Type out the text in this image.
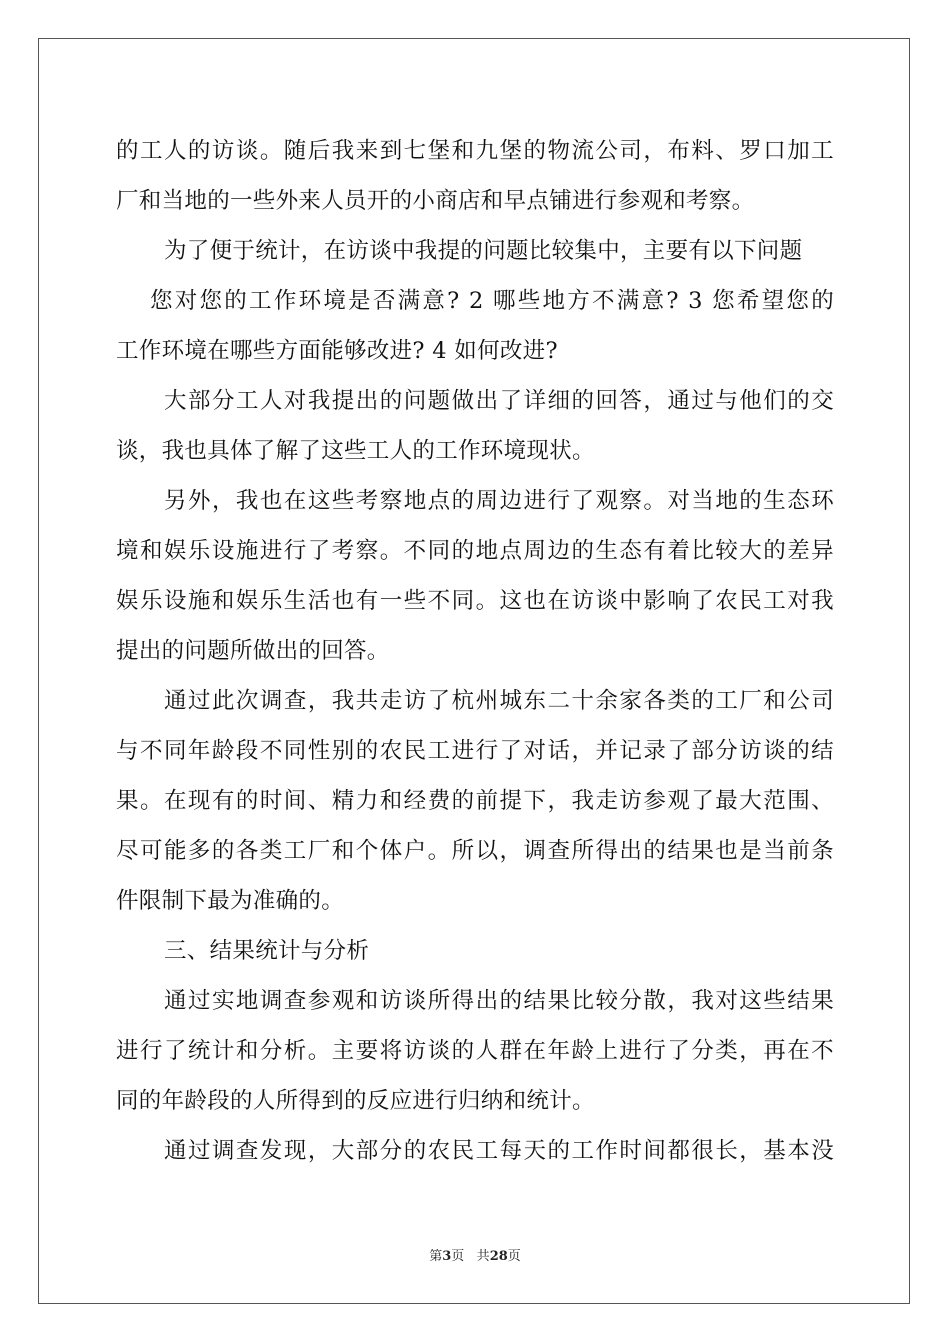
的工人的访谈。随后我来到七堡和九堡的物流公司，布料、罗口加工
厂和当地的一些外来人员开的小商店和早点铺进行参观和考察。
为了便于统计，在访谈中我提的问题比较集中，主要有以下问题
您对您的工作环境是否满意? 2 哪些地方不满意? 3 您希望您的
工作环境在哪些方面能够改进? 4 如何改进?
大部分工人对我提出的问题做出了详细的回答，通过与他们的交
谈，我也具体了解了这些工人的工作环境现状。
另外，我也在这些考察地点的周边进行了观察。对当地的生态环
境和娱乐设施进行了考察。不同的地点周边的生态有着比较大的差异
娱乐设施和娱乐生活也有一些不同。这也在访谈中影响了农民工对我
提出的问题所做出的回答。
通过此次调查，我共走访了杭州城东二十余家各类的工厂和公司
与不同年龄段不同性别的农民工进行了对话，并记录了部分访谈的结
果。在现有的时间、精力和经费的前提下，我走访参观了最大范围、
尽可能多的各类工厂和个体户。所以，调查所得出的结果也是当前条
件限制下最为准确的。
三、结果统计与分析
通过实地调查参观和访谈所得出的结果比较分散，我对这些结果
进行了统计和分析。主要将访谈的人群在年龄上进行了分类，再在不
同的年龄段的人所得到的反应进行归纳和统计。
通过调查发现，大部分的农民工每天的工作时间都很长，基本没
第3页 共28页
